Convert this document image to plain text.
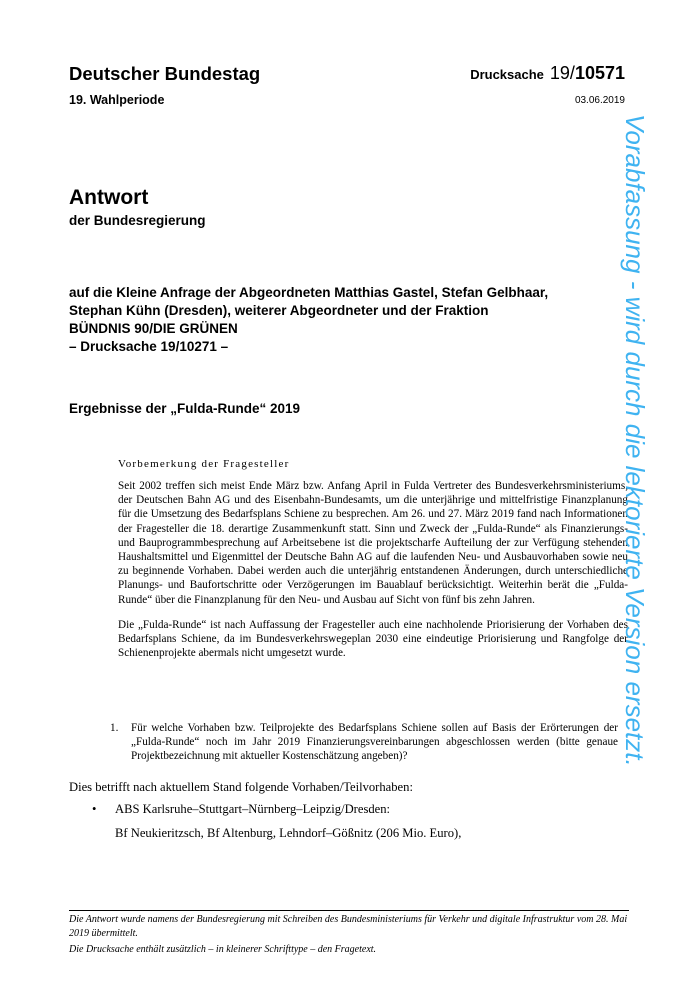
Deutscher Bundestag
19. Wahlperiode
Drucksache 19/10571
03.06.2019
Antwort
der Bundesregierung
auf die Kleine Anfrage der Abgeordneten Matthias Gastel, Stefan Gelbhaar,
Stephan Kühn (Dresden), weiterer Abgeordneter und der Fraktion
BÜNDNIS 90/DIE GRÜNEN
– Drucksache 19/10271 –
Ergebnisse der „Fulda-Runde“ 2019
Vorbemerkung der Fragesteller

Seit 2002 treffen sich meist Ende März bzw. Anfang April in Fulda Vertreter des Bundesverkehrsministeriums, der Deutschen Bahn AG und des Eisenbahn-Bundesamts, um die unterjährige und mittelfristige Finanzplanung für die Umsetzung des Bedarfsplans Schiene zu besprechen. Am 26. und 27. März 2019 fand nach Informationen der Fragesteller die 18. derartige Zusammenkunft statt. Sinn und Zweck der „Fulda-Runde“ als Finanzierungs- und Bauprogrammbesprechung auf Arbeitsebene ist die projektscharfe Aufteilung der zur Verfügung stehenden Haushaltsmittel und Eigenmittel der Deutsche Bahn AG auf die laufenden Neu- und Ausbauvorhaben sowie neu zu beginnende Vorhaben. Dabei werden auch die unterjährig entstandenen Änderungen, durch unterschiedliche Planungs- und Baufortschritte oder Verzögerungen im Bauablauf berücksichtigt. Weiterhin berät die „Fulda-Runde“ über die Finanzplanung für den Neu- und Ausbau auf Sicht von fünf bis zehn Jahren.

Die „Fulda-Runde“ ist nach Auffassung der Fragesteller auch eine nachholende Priorisierung der Vorhaben des Bedarfsplans Schiene, da im Bundesverkehrswegeplan 2030 eine eindeutige Priorisierung und Rangfolge der Schienenprojekte abermals nicht umgesetzt wurde.

1. Für welche Vorhaben bzw. Teilprojekte des Bedarfsplans Schiene sollen auf Basis der Erörterungen der „Fulda-Runde“ noch im Jahr 2019 Finanzierungsvereinbarungen abgeschlossen werden (bitte genaue Projektbezeichnung mit aktueller Kostenschätzung angeben)?
Dies betrifft nach aktuellem Stand folgende Vorhaben/Teilvorhaben:
• ABS Karlsruhe–Stuttgart–Nürnberg–Leipzig/Dresden:
Bf Neukieritzsch, Bf Altenburg, Lehndorf–Gößnitz (206 Mio. Euro),

Die Antwort wurde namens der Bundesregierung mit Schreiben des Bundesministeriums für Verkehr und digitale Infrastruktur vom 28. Mai 2019 übermittelt.

Die Drucksache enthält zusätzlich – in kleinerer Schrifttype – den Fragetext.

Vorabfassung - wird durch die lektorierte Version ersetzt.
